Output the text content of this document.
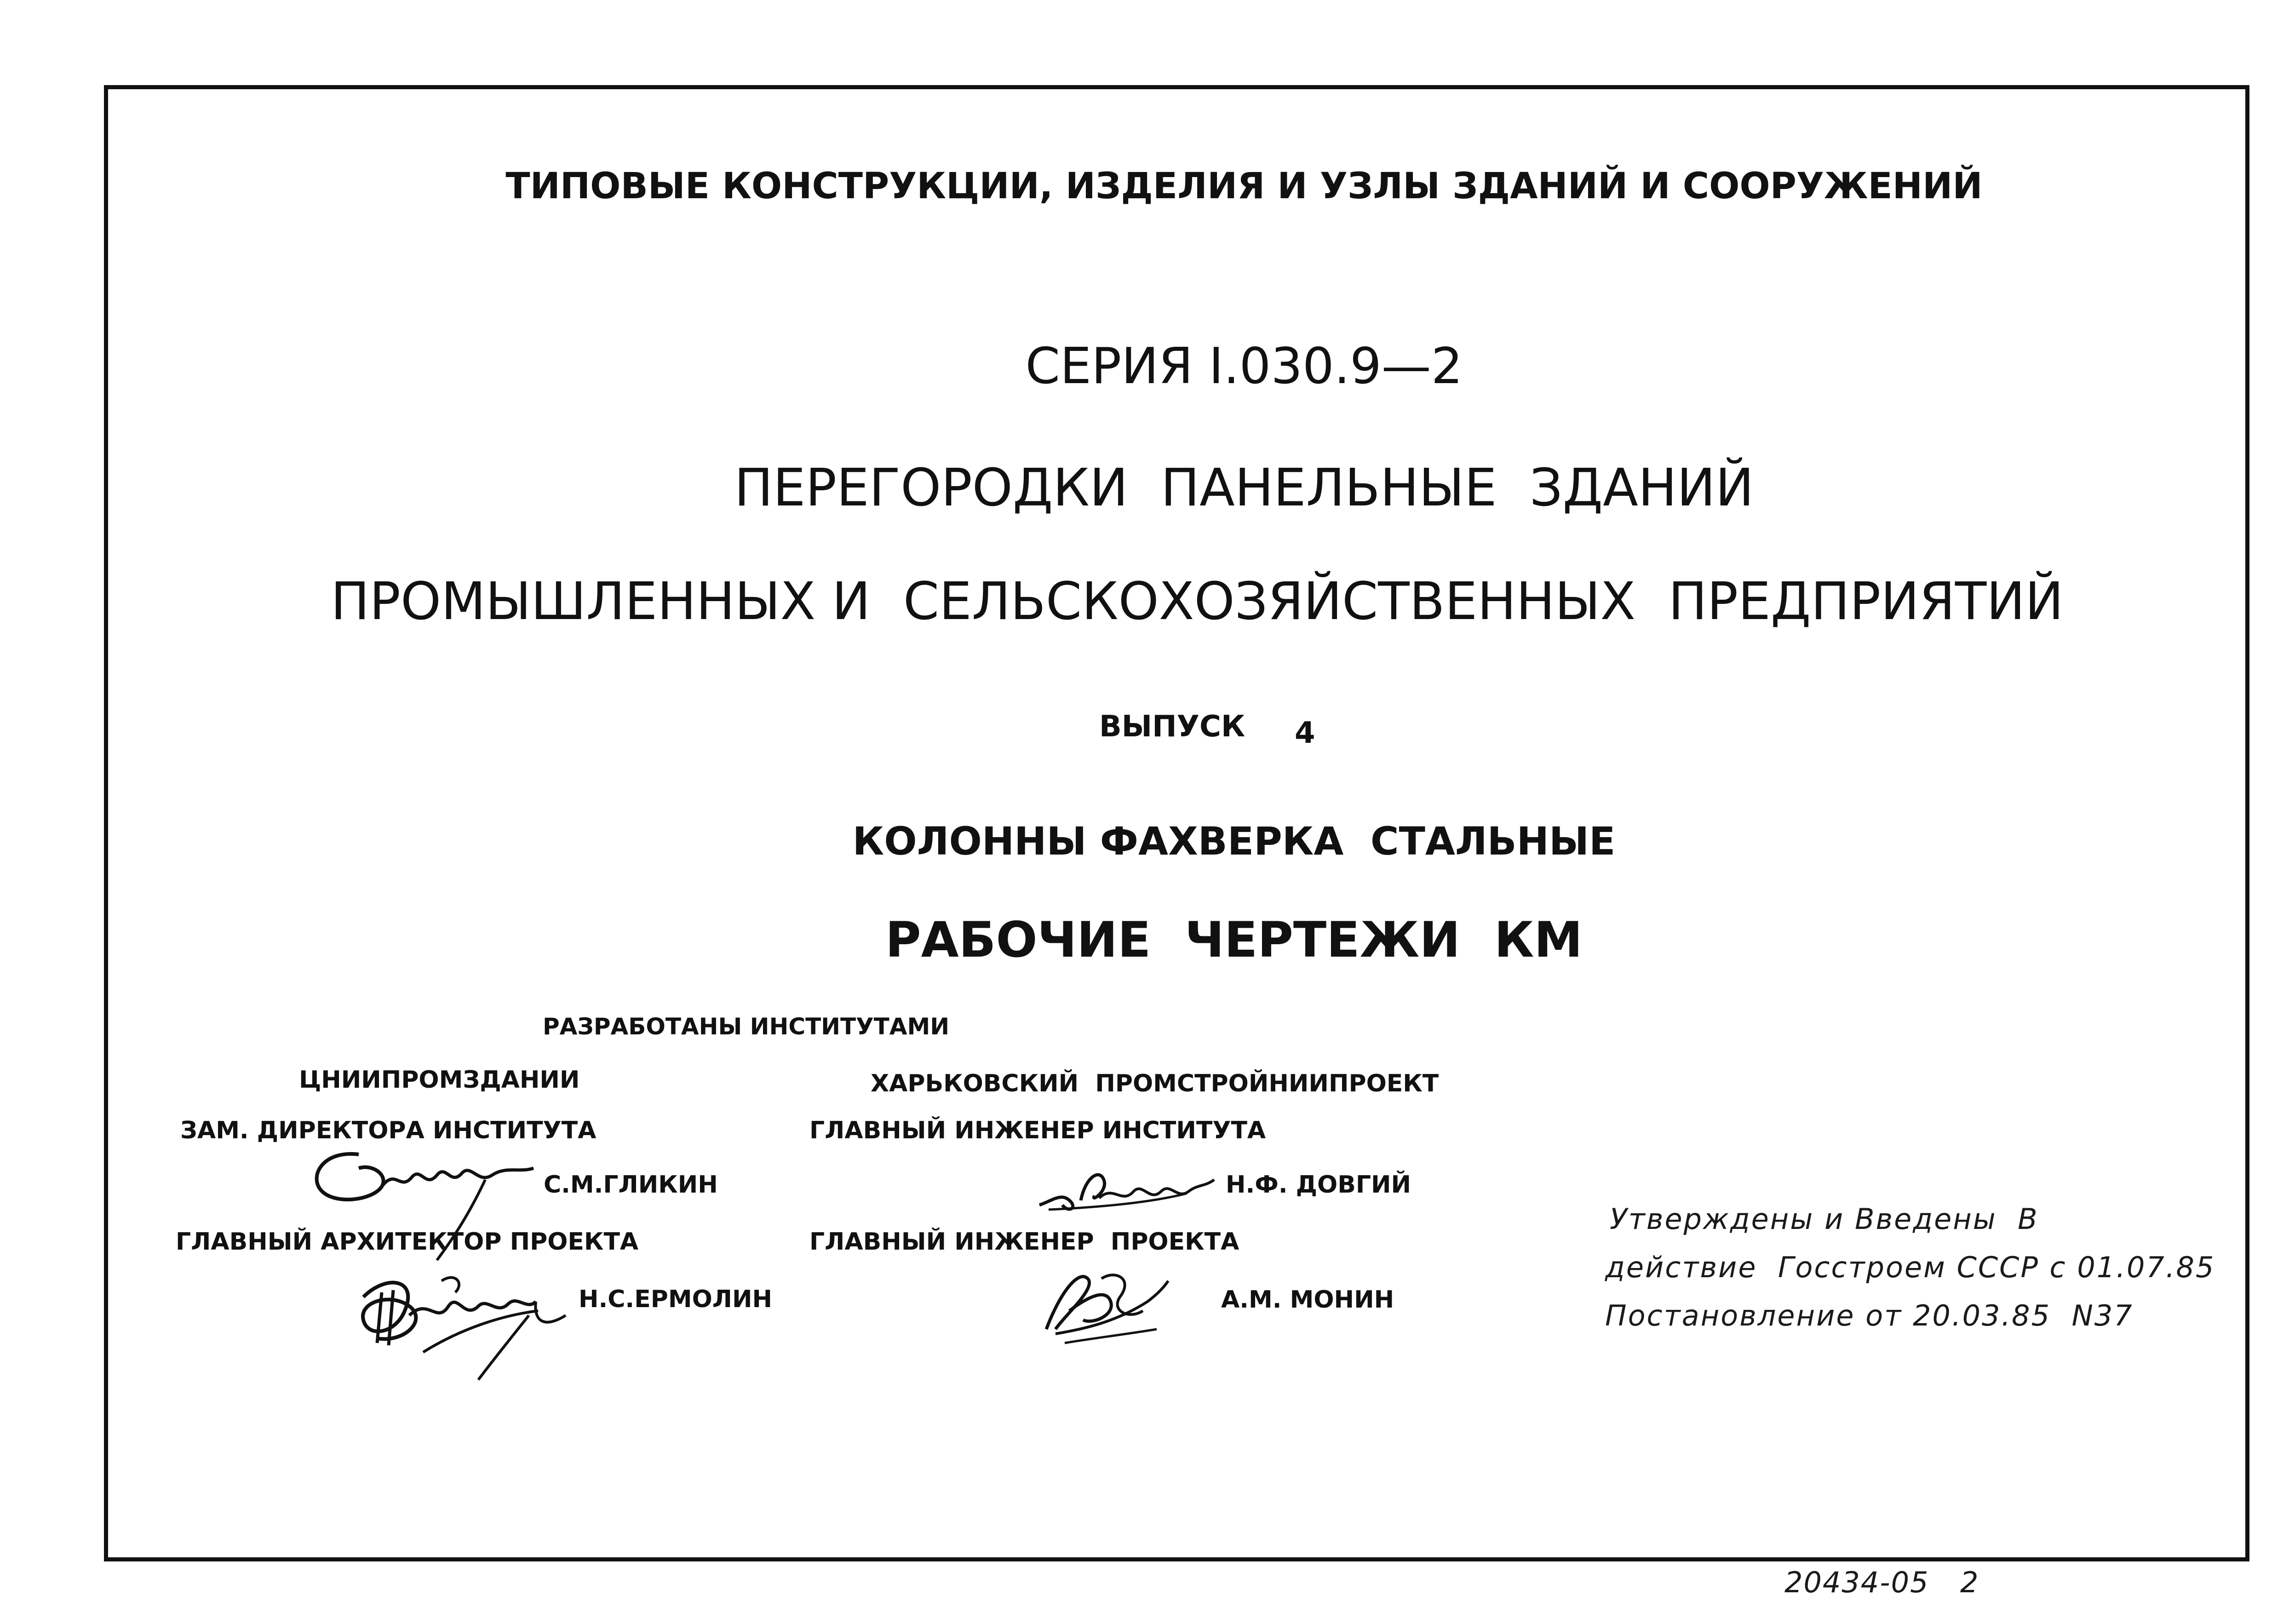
ТИПОВЫЕ КОНСТРУКЦИИ, ИЗДЕЛИЯ И УЗЛЫ ЗДАНИЙ И СООРУЖЕНИЙ
СЕРИЯ І.030.9—2
ПЕРЕГОРОДКИ  ПАНЕЛЬНЫЕ  ЗДАНИЙ
ПРОМЫШЛЕННЫХ И  СЕЛЬСКОХОЗЯЙСТВЕННЫХ  ПРЕДПРИЯТИЙ
ВЫПУСК 4
КОЛОННЫ ФАХВЕРКА  СТАЛЬНЫЕ
РАБОЧИЕ  ЧЕРТЕЖИ  КМ
РАЗРАБОТАНЫ ИНСТИТУТАМИ
ЦНИИПРОМЗДАНИИ
ЗАМ. ДИРЕКТОРА ИНСТИТУТА
С.М.ГЛИКИН
ГЛАВНЫЙ АРХИТЕКТОР ПРОЕКТА
Н.С.ЕРМОЛИН
ХАРЬКОВСКИЙ  ПРОМСТРОЙНИИПРОЕКТ
ГЛАВНЫЙ ИНЖЕНЕР ИНСТИТУТА
Н.Ф. ДОВГИЙ
ГЛАВНЫЙ ИНЖЕНЕР  ПРОЕКТА
А.М. МОНИН
Утверждены и Введены  В
действие  Госстроем СССР с 01.07.85
Постановление от 20.03.85  N37
20434-05 2
